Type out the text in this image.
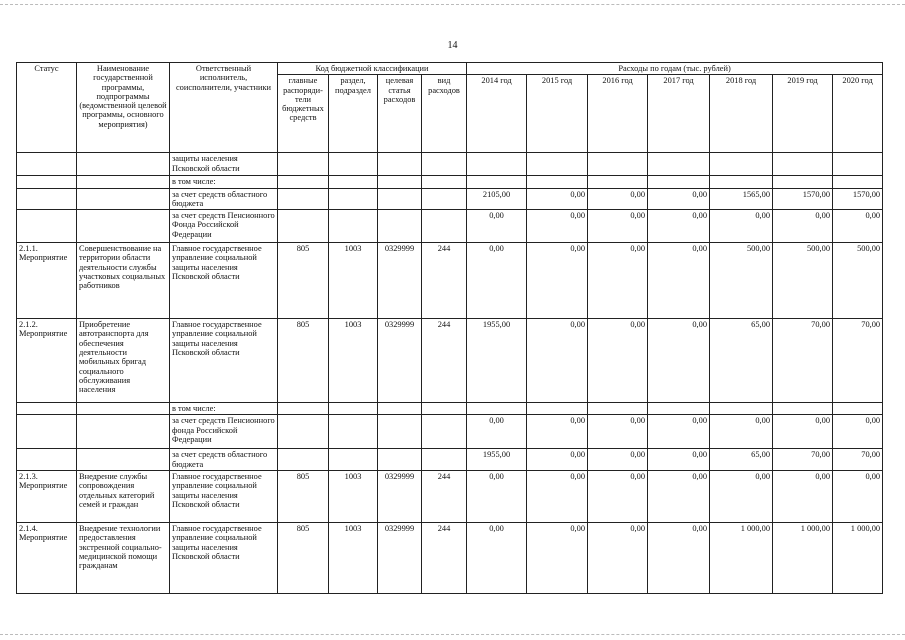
14
Статус	Наименование государственной программы, подпрограммы (ведомственной целевой программы, основного мероприятия)	Ответственный исполнитель, соисполнители, участники	Код бюджетной классификации				Расходы по годам (тыс. рублей)							
			главные распоряди-тели бюджетных средств	раздел, подраздел	целевая статья расходов	вид расходов	2014 год	2015 год	2016 год	2017 год	2018 год	2019 год	2020 год	
		защиты населения Псковской области												
		в том числе:												
		за счет средств областного бюджета					2105,00	0,00	0,00	0,00	1565,00	1570,00	1570,00	
		за счет средств Пенсионного Фонда Российской Федерации					0,00	0,00	0,00	0,00	0,00	0,00	0,00	
2.1.1. Мероприятие	Совершенствование на территории области деятельности службы участковых социальных работников	Главное государственное управление социальной защиты населения Псковской области	805	1003	0329999	244	0,00	0,00	0,00	0,00	500,00	500,00	500,00	
2.1.2. Мероприятие	Приобретение автотранспорта для обеспечения деятельности мобильных бригад социального обслуживания населения	Главное государственное управление социальной защиты населения Псковской области	805	1003	0329999	244	1955,00	0,00	0,00	0,00	65,00	70,00	70,00	
		в том числе:												
		за счет средств Пенсионного фонда Российской Федерации					0,00	0,00	0,00	0,00	0,00	0,00	0,00	
		за счет средств областного бюджета					1955,00	0,00	0,00	0,00	65,00	70,00	70,00	
2.1.3. Мероприятие	Внедрение службы сопровождения отдельных категорий семей и граждан	Главное государственное управление социальной защиты населения Псковской области	805	1003	0329999	244	0,00	0,00	0,00	0,00	0,00	0,00	0,00	
2.1.4. Мероприятие	Внедрение технологии предоставления экстренной социально-медицинской помощи гражданам	Главное государственное управление социальной защиты населения Псковской области	805	1003	0329999	244	0,00	0,00	0,00	0,00	1 000,00	1 000,00	1 000,00	
